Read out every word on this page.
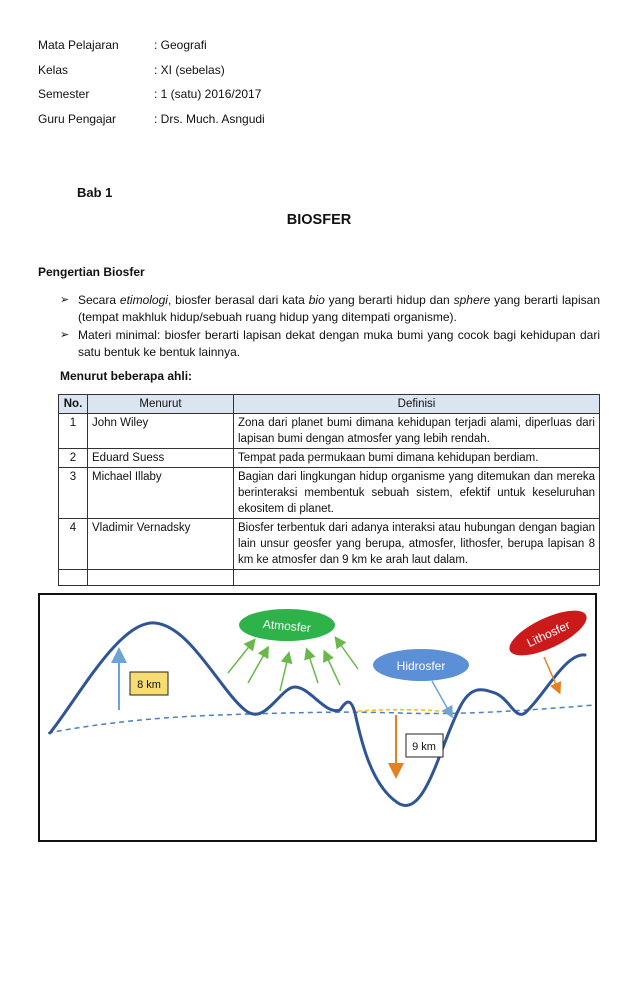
Mata Pelajaran	: Geografi
Kelas	: XI (sebelas)
Semester	: 1 (satu) 2016/2017
Guru Pengajar	: Drs. Much. Asngudi
Bab 1
BIOSFER
Pengertian Biosfer
➢ Secara etimologi, biosfer berasal dari kata bio yang berarti hidup dan sphere yang berarti lapisan (tempat makhluk hidup/sebuah ruang hidup yang ditempati organisme).
➢ Materi minimal: biosfer berarti lapisan dekat dengan muka bumi yang cocok bagi kehidupan dari satu bentuk ke bentuk lainnya.
Menurut beberapa ahli:
No.	Menurut	Definisi
1	John Wiley	Zona dari planet bumi dimana kehidupan terjadi alami, diperluas dari lapisan bumi dengan atmosfer yang lebih rendah.
2	Eduard Suess	Tempat pada permukaan bumi dimana kehidupan berdiam.
3	Michael Illaby	Bagian dari lingkungan hidup organisme yang ditemukan dan mereka berinteraksi membentuk sebuah sistem, efektif untuk keseluruhan ekositem di planet.
4	Vladimir Vernadsky	Biosfer terbentuk dari adanya interaksi atau hubungan dengan bagian lain unsur geosfer yang berupa, atmosfer, lithosfer, berupa lapisan 8 km ke atmosfer dan 9 km ke arah laut dalam.

8 km
Atmosfer
Hidrosfer
9 km
Lithosfer
